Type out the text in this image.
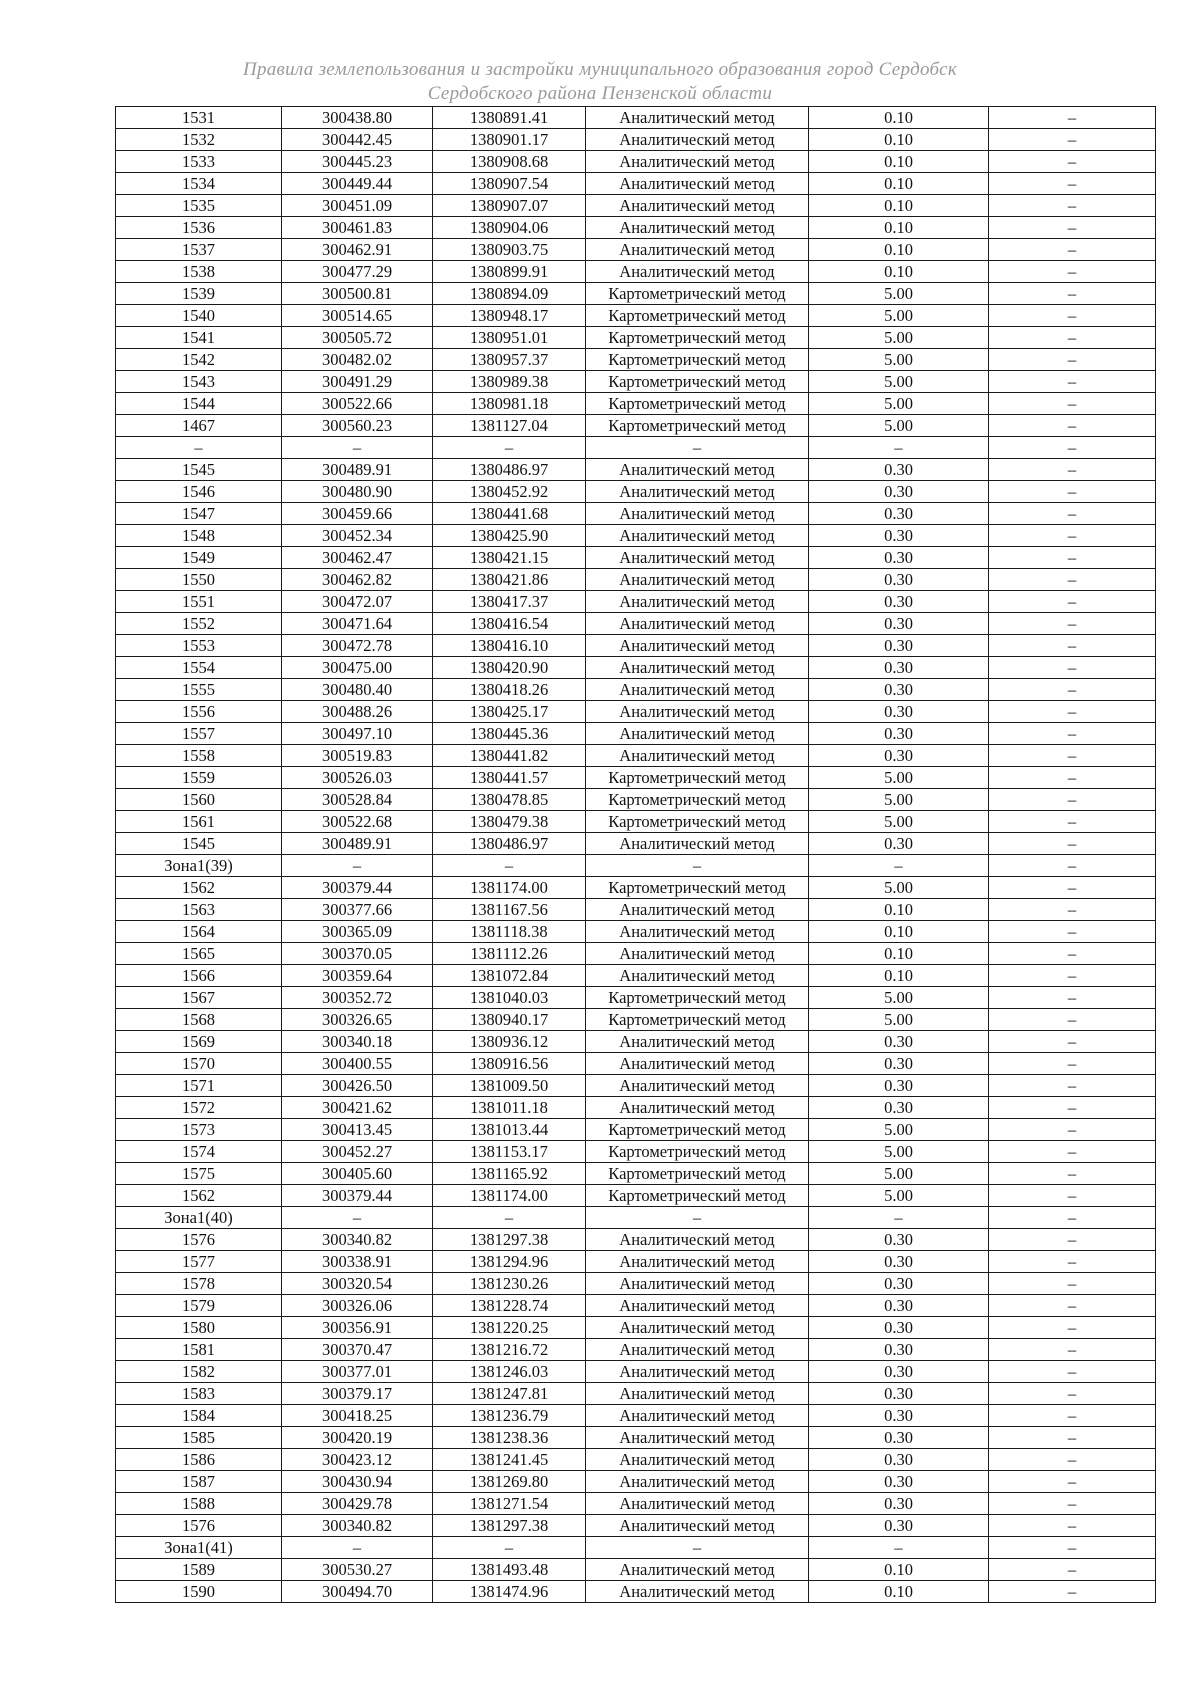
Правила землепользования и застройки муниципального образования город Сердобск
Сердобского района Пензенской области
1531	300438.80	1380891.41	Аналитический метод	0.10	–
1532	300442.45	1380901.17	Аналитический метод	0.10	–
1533	300445.23	1380908.68	Аналитический метод	0.10	–
1534	300449.44	1380907.54	Аналитический метод	0.10	–
1535	300451.09	1380907.07	Аналитический метод	0.10	–
1536	300461.83	1380904.06	Аналитический метод	0.10	–
1537	300462.91	1380903.75	Аналитический метод	0.10	–
1538	300477.29	1380899.91	Аналитический метод	0.10	–
1539	300500.81	1380894.09	Картометрический метод	5.00	–
1540	300514.65	1380948.17	Картометрический метод	5.00	–
1541	300505.72	1380951.01	Картометрический метод	5.00	–
1542	300482.02	1380957.37	Картометрический метод	5.00	–
1543	300491.29	1380989.38	Картометрический метод	5.00	–
1544	300522.66	1380981.18	Картометрический метод	5.00	–
1467	300560.23	1381127.04	Картометрический метод	5.00	–
–	–	–	–	–	–
1545	300489.91	1380486.97	Аналитический метод	0.30	–
1546	300480.90	1380452.92	Аналитический метод	0.30	–
1547	300459.66	1380441.68	Аналитический метод	0.30	–
1548	300452.34	1380425.90	Аналитический метод	0.30	–
1549	300462.47	1380421.15	Аналитический метод	0.30	–
1550	300462.82	1380421.86	Аналитический метод	0.30	–
1551	300472.07	1380417.37	Аналитический метод	0.30	–
1552	300471.64	1380416.54	Аналитический метод	0.30	–
1553	300472.78	1380416.10	Аналитический метод	0.30	–
1554	300475.00	1380420.90	Аналитический метод	0.30	–
1555	300480.40	1380418.26	Аналитический метод	0.30	–
1556	300488.26	1380425.17	Аналитический метод	0.30	–
1557	300497.10	1380445.36	Аналитический метод	0.30	–
1558	300519.83	1380441.82	Аналитический метод	0.30	–
1559	300526.03	1380441.57	Картометрический метод	5.00	–
1560	300528.84	1380478.85	Картометрический метод	5.00	–
1561	300522.68	1380479.38	Картометрический метод	5.00	–
1545	300489.91	1380486.97	Аналитический метод	0.30	–
Зона1(39)	–	–	–	–	–
1562	300379.44	1381174.00	Картометрический метод	5.00	–
1563	300377.66	1381167.56	Аналитический метод	0.10	–
1564	300365.09	1381118.38	Аналитический метод	0.10	–
1565	300370.05	1381112.26	Аналитический метод	0.10	–
1566	300359.64	1381072.84	Аналитический метод	0.10	–
1567	300352.72	1381040.03	Картометрический метод	5.00	–
1568	300326.65	1380940.17	Картометрический метод	5.00	–
1569	300340.18	1380936.12	Аналитический метод	0.30	–
1570	300400.55	1380916.56	Аналитический метод	0.30	–
1571	300426.50	1381009.50	Аналитический метод	0.30	–
1572	300421.62	1381011.18	Аналитический метод	0.30	–
1573	300413.45	1381013.44	Картометрический метод	5.00	–
1574	300452.27	1381153.17	Картометрический метод	5.00	–
1575	300405.60	1381165.92	Картометрический метод	5.00	–
1562	300379.44	1381174.00	Картометрический метод	5.00	–
Зона1(40)	–	–	–	–	–
1576	300340.82	1381297.38	Аналитический метод	0.30	–
1577	300338.91	1381294.96	Аналитический метод	0.30	–
1578	300320.54	1381230.26	Аналитический метод	0.30	–
1579	300326.06	1381228.74	Аналитический метод	0.30	–
1580	300356.91	1381220.25	Аналитический метод	0.30	–
1581	300370.47	1381216.72	Аналитический метод	0.30	–
1582	300377.01	1381246.03	Аналитический метод	0.30	–
1583	300379.17	1381247.81	Аналитический метод	0.30	–
1584	300418.25	1381236.79	Аналитический метод	0.30	–
1585	300420.19	1381238.36	Аналитический метод	0.30	–
1586	300423.12	1381241.45	Аналитический метод	0.30	–
1587	300430.94	1381269.80	Аналитический метод	0.30	–
1588	300429.78	1381271.54	Аналитический метод	0.30	–
1576	300340.82	1381297.38	Аналитический метод	0.30	–
Зона1(41)	–	–	–	–	–
1589	300530.27	1381493.48	Аналитический метод	0.10	–
1590	300494.70	1381474.96	Аналитический метод	0.10	–
